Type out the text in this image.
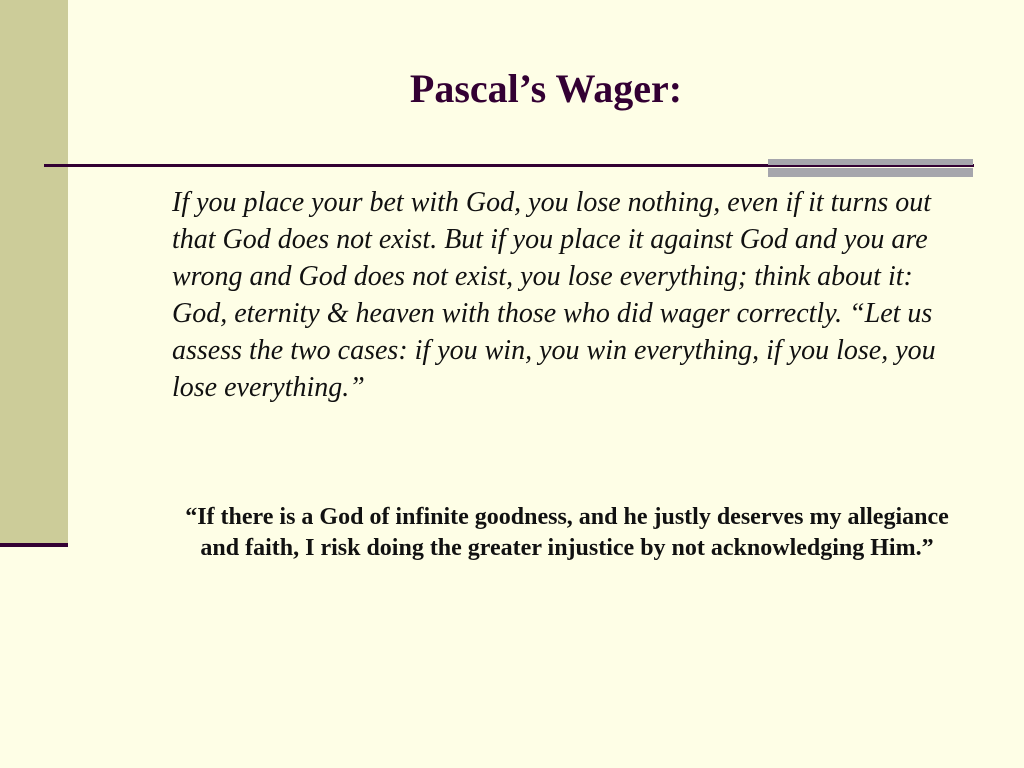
Pascal’s Wager:

If you place your bet with God, you lose nothing, even if it turns out that God does not exist. But if you place it against God and you are wrong and God does not exist, you lose everything; think about it: God, eternity & heaven with those who did wager correctly. “Let us assess the two cases: if you win, you win everything, if you lose, you lose everything.”

“If there is a God of infinite goodness, and he justly deserves my allegiance and faith, I risk doing the greater injustice by not acknowledging Him.”
